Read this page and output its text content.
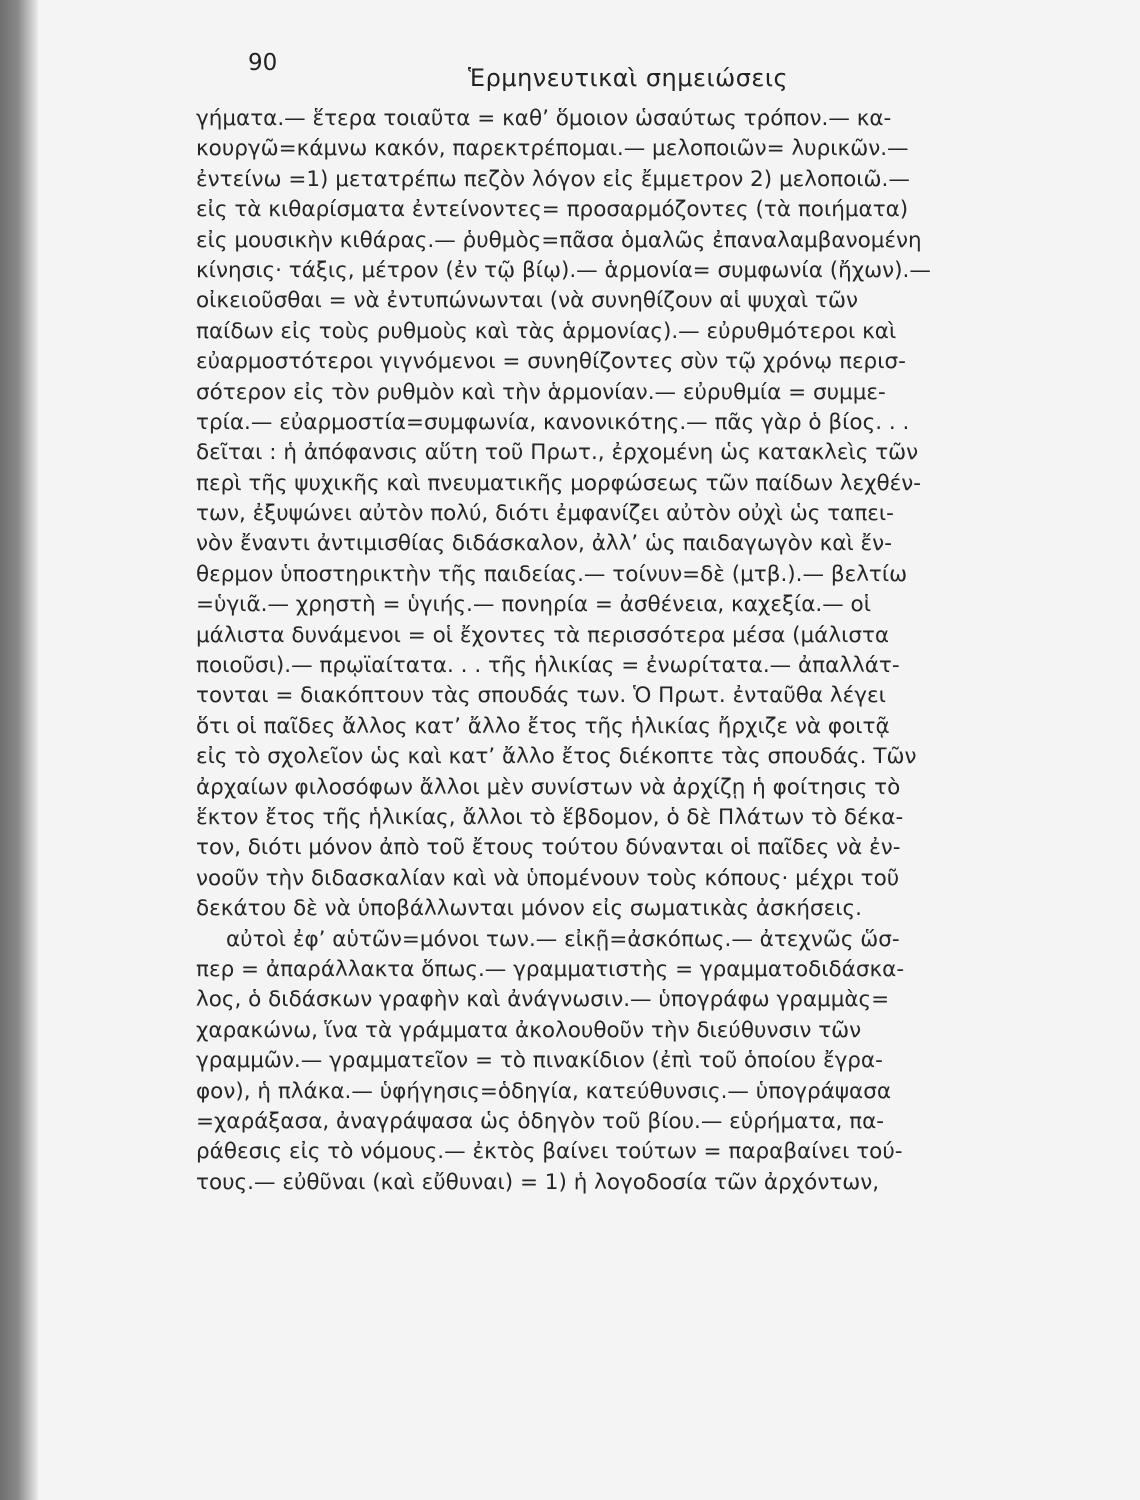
90
Ἑρμηνευτικαὶ σημειώσεις
γήματα.— ἕτερα τοιαῦτα = καθ’ ὅμοιον ὡσαύτως τρόπον.— κα-
κουργῶ=κάμνω κακόν, παρεκτρέπομαι.— μελοποιῶν= λυρικῶν.—
ἐντείνω =1) μετατρέπω πεζὸν λόγον εἰς ἔμμετρον 2) μελοποιῶ.—
εἰς τὰ κιθαρίσματα ἐντείνοντες= προσαρμόζοντες (τὰ ποιήματα)
εἰς μουσικὴν κιθάρας.— ῥυθμὸς=πᾶσα ὁμαλῶς ἐπαναλαμβανομένη
κίνησις· τάξις, μέτρον (ἐν τῷ βίῳ).— ἁρμονία= συμφωνία (ἤχων).—
οἰκειοῦσθαι = νὰ ἐντυπώνωνται (νὰ συνηθίζουν αἱ ψυχαὶ τῶν
παίδων εἰς τοὺς ρυθμοὺς καὶ τὰς ἁρμονίας).— εὐρυθμότεροι καὶ
εὐαρμοστότεροι γιγνόμενοι = συνηθίζοντες σὺν τῷ χρόνῳ περισ-
σότερον εἰς τὸν ρυθμὸν καὶ τὴν ἁρμονίαν.— εὐρυθμία = συμμε-
τρία.— εὐαρμοστία=συμφωνία, κανονικότης.— πᾶς γὰρ ὁ βίος. . .
δεῖται : ἡ ἀπόφανσις αὕτη τοῦ Πρωτ., ἐρχομένη ὡς κατακλεὶς τῶν
περὶ τῆς ψυχικῆς καὶ πνευματικῆς μορφώσεως τῶν παίδων λεχθέν-
των, ἐξυψώνει αὐτὸν πολύ, διότι ἐμφανίζει αὐτὸν οὐχὶ ὡς ταπει-
νὸν ἔναντι ἀντιμισθίας διδάσκαλον, ἀλλ’ ὡς παιδαγωγὸν καὶ ἔν-
θερμον ὑποστηρικτὴν τῆς παιδείας.— τοίνυν=δὲ (μτβ.).— βελτίω
=ὑγιᾶ.— χρηστὴ = ὑγιής.— πονηρία = ἀσθένεια, καχεξία.— οἱ
μάλιστα δυνάμενοι = οἱ ἔχοντες τὰ περισσότερα μέσα (μάλιστα
ποιοῦσι).— πρῳϊαίτατα. . . τῆς ἡλικίας = ἐνωρίτατα.— ἀπαλλάτ-
τονται = διακόπτουν τὰς σπουδάς των. Ὁ Πρωτ. ἐνταῦθα λέγει
ὅτι οἱ παῖδες ἄλλος κατ’ ἄλλο ἔτος τῆς ἡλικίας ἤρχιζε νὰ φοιτᾷ
εἰς τὸ σχολεῖον ὡς καὶ κατ’ ἄλλο ἔτος διέκοπτε τὰς σπουδάς. Τῶν
ἀρχαίων φιλοσόφων ἄλλοι μὲν συνίστων νὰ ἀρχίζῃ ἡ φοίτησις τὸ
ἕκτον ἔτος τῆς ἡλικίας, ἄλλοι τὸ ἕβδομον, ὁ δὲ Πλάτων τὸ δέκα-
τον, διότι μόνον ἀπὸ τοῦ ἔτους τούτου δύνανται οἱ παῖδες νὰ ἐν-
νοοῦν τὴν διδασκαλίαν καὶ νὰ ὑπομένουν τοὺς κόπους· μέχρι τοῦ
δεκάτου δὲ νὰ ὑποβάλλωνται μόνον εἰς σωματικὰς ἀσκήσεις.
αὐτοὶ ἐφ’ αὑτῶν=μόνοι των.— εἰκῇ=ἀσκόπως.— ἀτεχνῶς ὥσ-
περ = ἀπαράλλακτα ὅπως.— γραμματιστὴς = γραμματοδιδάσκα-
λος, ὁ διδάσκων γραφὴν καὶ ἀνάγνωσιν.— ὑπογράφω γραμμὰς=
χαρακώνω, ἵνα τὰ γράμματα ἀκολουθοῦν τὴν διεύθυνσιν τῶν
γραμμῶν.— γραμματεῖον = τὸ πινακίδιον (ἐπὶ τοῦ ὁποίου ἔγρα-
φον), ἡ πλάκα.— ὑφήγησις=ὁδηγία, κατεύθυνσις.— ὑπογράψασα
=χαράξασα, ἀναγράψασα ὡς ὁδηγὸν τοῦ βίου.— εὑρήματα, πα-
ράθεσις εἰς τὸ νόμους.— ἐκτὸς βαίνει τούτων = παραβαίνει τού-
τους.— εὐθῦναι (καὶ εὔθυναι) = 1) ἡ λογοδοσία τῶν ἀρχόντων,
